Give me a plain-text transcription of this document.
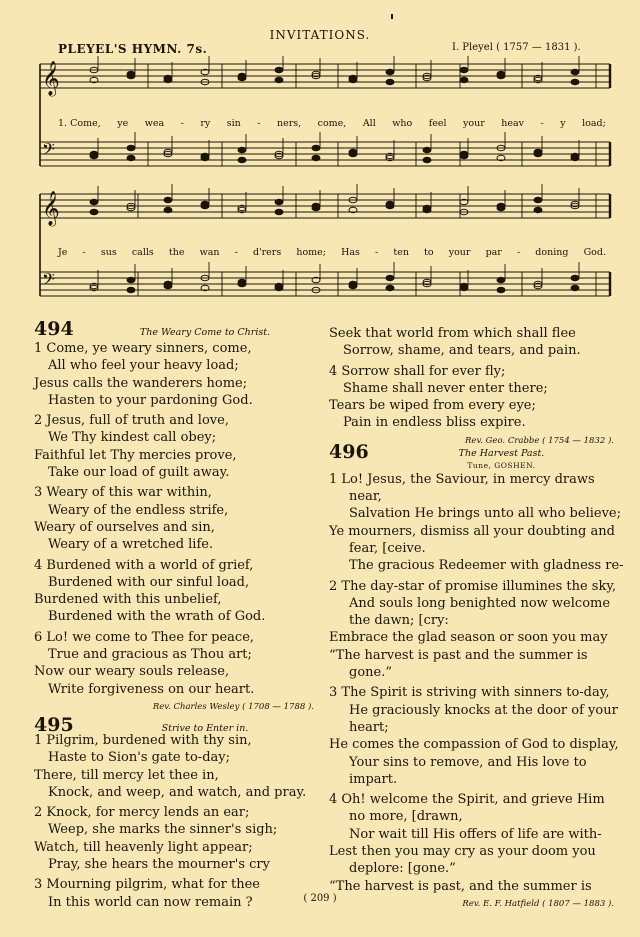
INVITATIONS.
PLEYEL'S HYMN. 7s.	I. Pleyel ( 1757 — 1831 ).
𝄞
𝄢
𝄞
𝄢
1. Come, ye wea - ry sin - ners, come, All who feel your heav - y load;
Je - sus calls the wan - d'rers home; Has - ten to your par - doning God.
494	The Weary Come to Christ.
1 Come, ye weary sinners, come,
All who feel your heavy load;
Jesus calls the wanderers home;
Hasten to your pardoning God.
2 Jesus, full of truth and love,
We Thy kindest call obey;
Faithful let Thy mercies prove,
Take our load of guilt away.
3 Weary of this war within,
Weary of the endless strife,
Weary of ourselves and sin,
Weary of a wretched life.
4 Burdened with a world of grief,
Burdened with our sinful load,
Burdened with this unbelief,
Burdened with the wrath of God.
6 Lo! we come to Thee for peace,
True and gracious as Thou art;
Now our weary souls release,
Write forgiveness on our heart.
Rev. Charles Wesley ( 1708 — 1788 ).
495	Strive to Enter in.
1 Pilgrim, burdened with thy sin,
Haste to Sion's gate to-day;
There, till mercy let thee in,
Knock, and weep, and watch, and pray.
2 Knock, for mercy lends an ear;
Weep, she marks the sinner's sigh;
Watch, till heavenly light appear;
Pray, she hears the mourner's cry
3 Mourning pilgrim, what for thee
In this world can now remain ?
Seek that world from which shall flee
Sorrow, shame, and tears, and pain.
4 Sorrow shall for ever fly;
Shame shall never enter there;
Tears be wiped from every eye;
Pain in endless bliss expire.
496	Rev. Geo. Crabbe ( 1754 — 1832 ).
The Harvest Past.
Tune, GOSHEN.
1 Lo! Jesus, the Saviour, in mercy draws
near,
Salvation He brings unto all who believe;
Ye mourners, dismiss all your doubting and
fear, [ceive.
The gracious Redeemer with gladness re-
2 The day-star of promise illumines the sky,
And souls long benighted now welcome
the dawn; [cry:
Embrace the glad season or soon you may
“The harvest is past and the summer is
gone.”
3 The Spirit is striving with sinners to-day,
He graciously knocks at the door of your
heart;
He comes the compassion of God to display,
Your sins to remove, and His love to
impart.
4 Oh! welcome the Spirit, and grieve Him
no more, [drawn,
Nor wait till His offers of life are with-
Lest then you may cry as your doom you
deplore: [gone.”
“The harvest is past, and the summer is
Rev. E. F. Hatfield ( 1807 — 1883 ).
( 209 )
